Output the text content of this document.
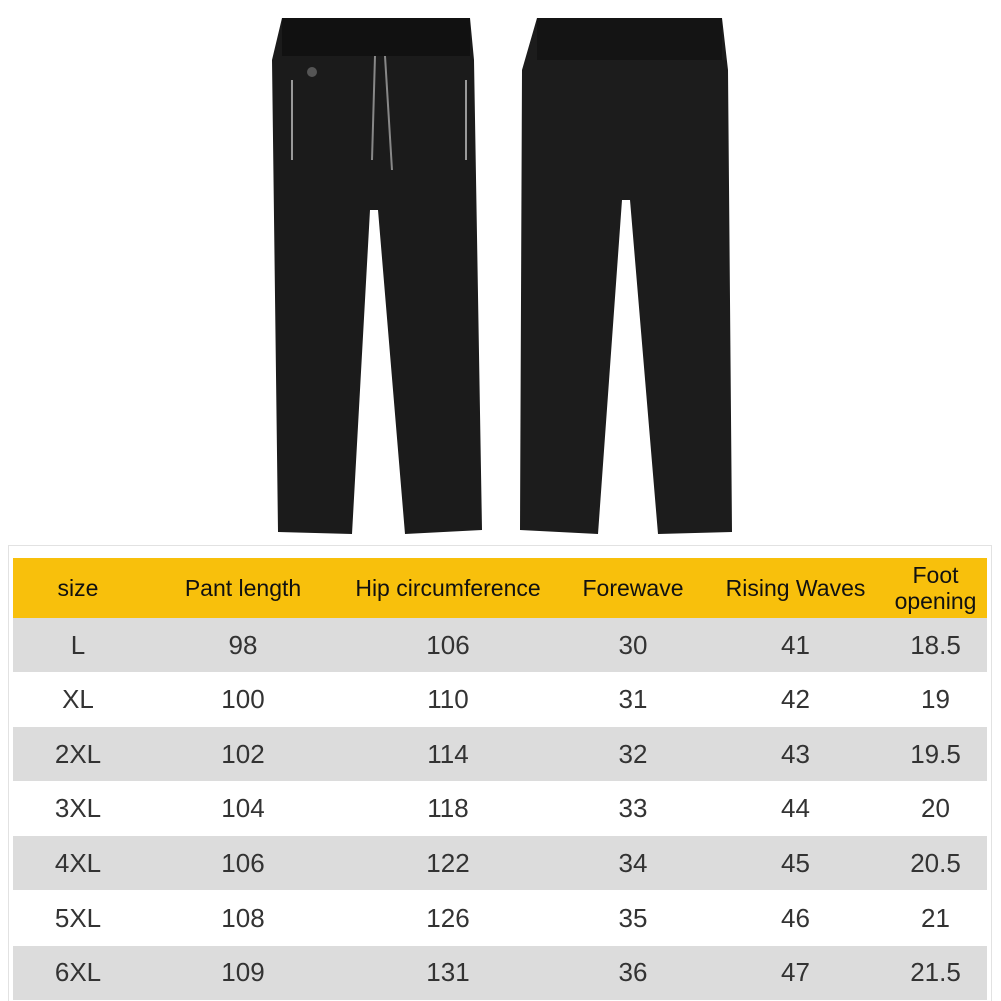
size	Pant length	Hip circumference	Forewave	Rising Waves	Foot opening
L	98	106	30	41	18.5
XL	100	110	31	42	19
2XL	102	114	32	43	19.5
3XL	104	118	33	44	20
4XL	106	122	34	45	20.5
5XL	108	126	35	46	21
6XL	109	131	36	47	21.5
